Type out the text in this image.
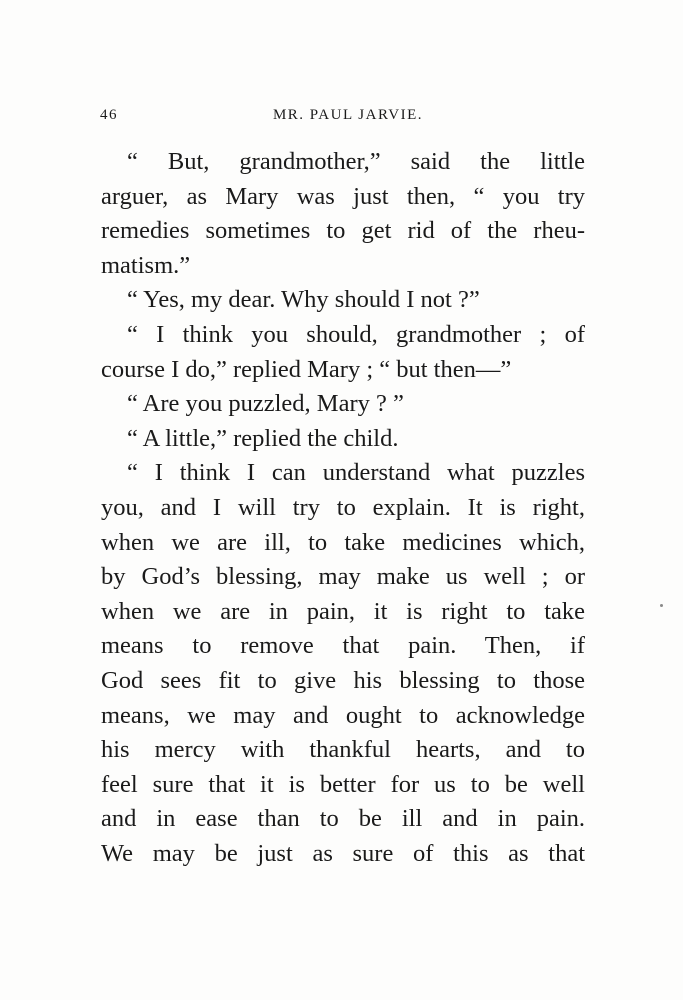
46	MR. PAUL JARVIE.
“ But, grandmother,” said the little
arguer, as Mary was just then, “ you try
remedies sometimes to get rid of the rheu-
matism.”
“ Yes, my dear. Why should I not ?”
“ I think you should, grandmother ; of
course I do,” replied Mary ; “ but then—”
“ Are you puzzled, Mary ? ”
“ A little,” replied the child.
“ I think I can understand what puzzles
you, and I will try to explain. It is right,
when we are ill, to take medicines which,
by God’s blessing, may make us well ; or
when we are in pain, it is right to take
means to remove that pain. Then, if
God sees fit to give his blessing to those
means, we may and ought to acknowledge
his mercy with thankful hearts, and to
feel sure that it is better for us to be well
and in ease than to be ill and in pain.
We may be just as sure of this as that
